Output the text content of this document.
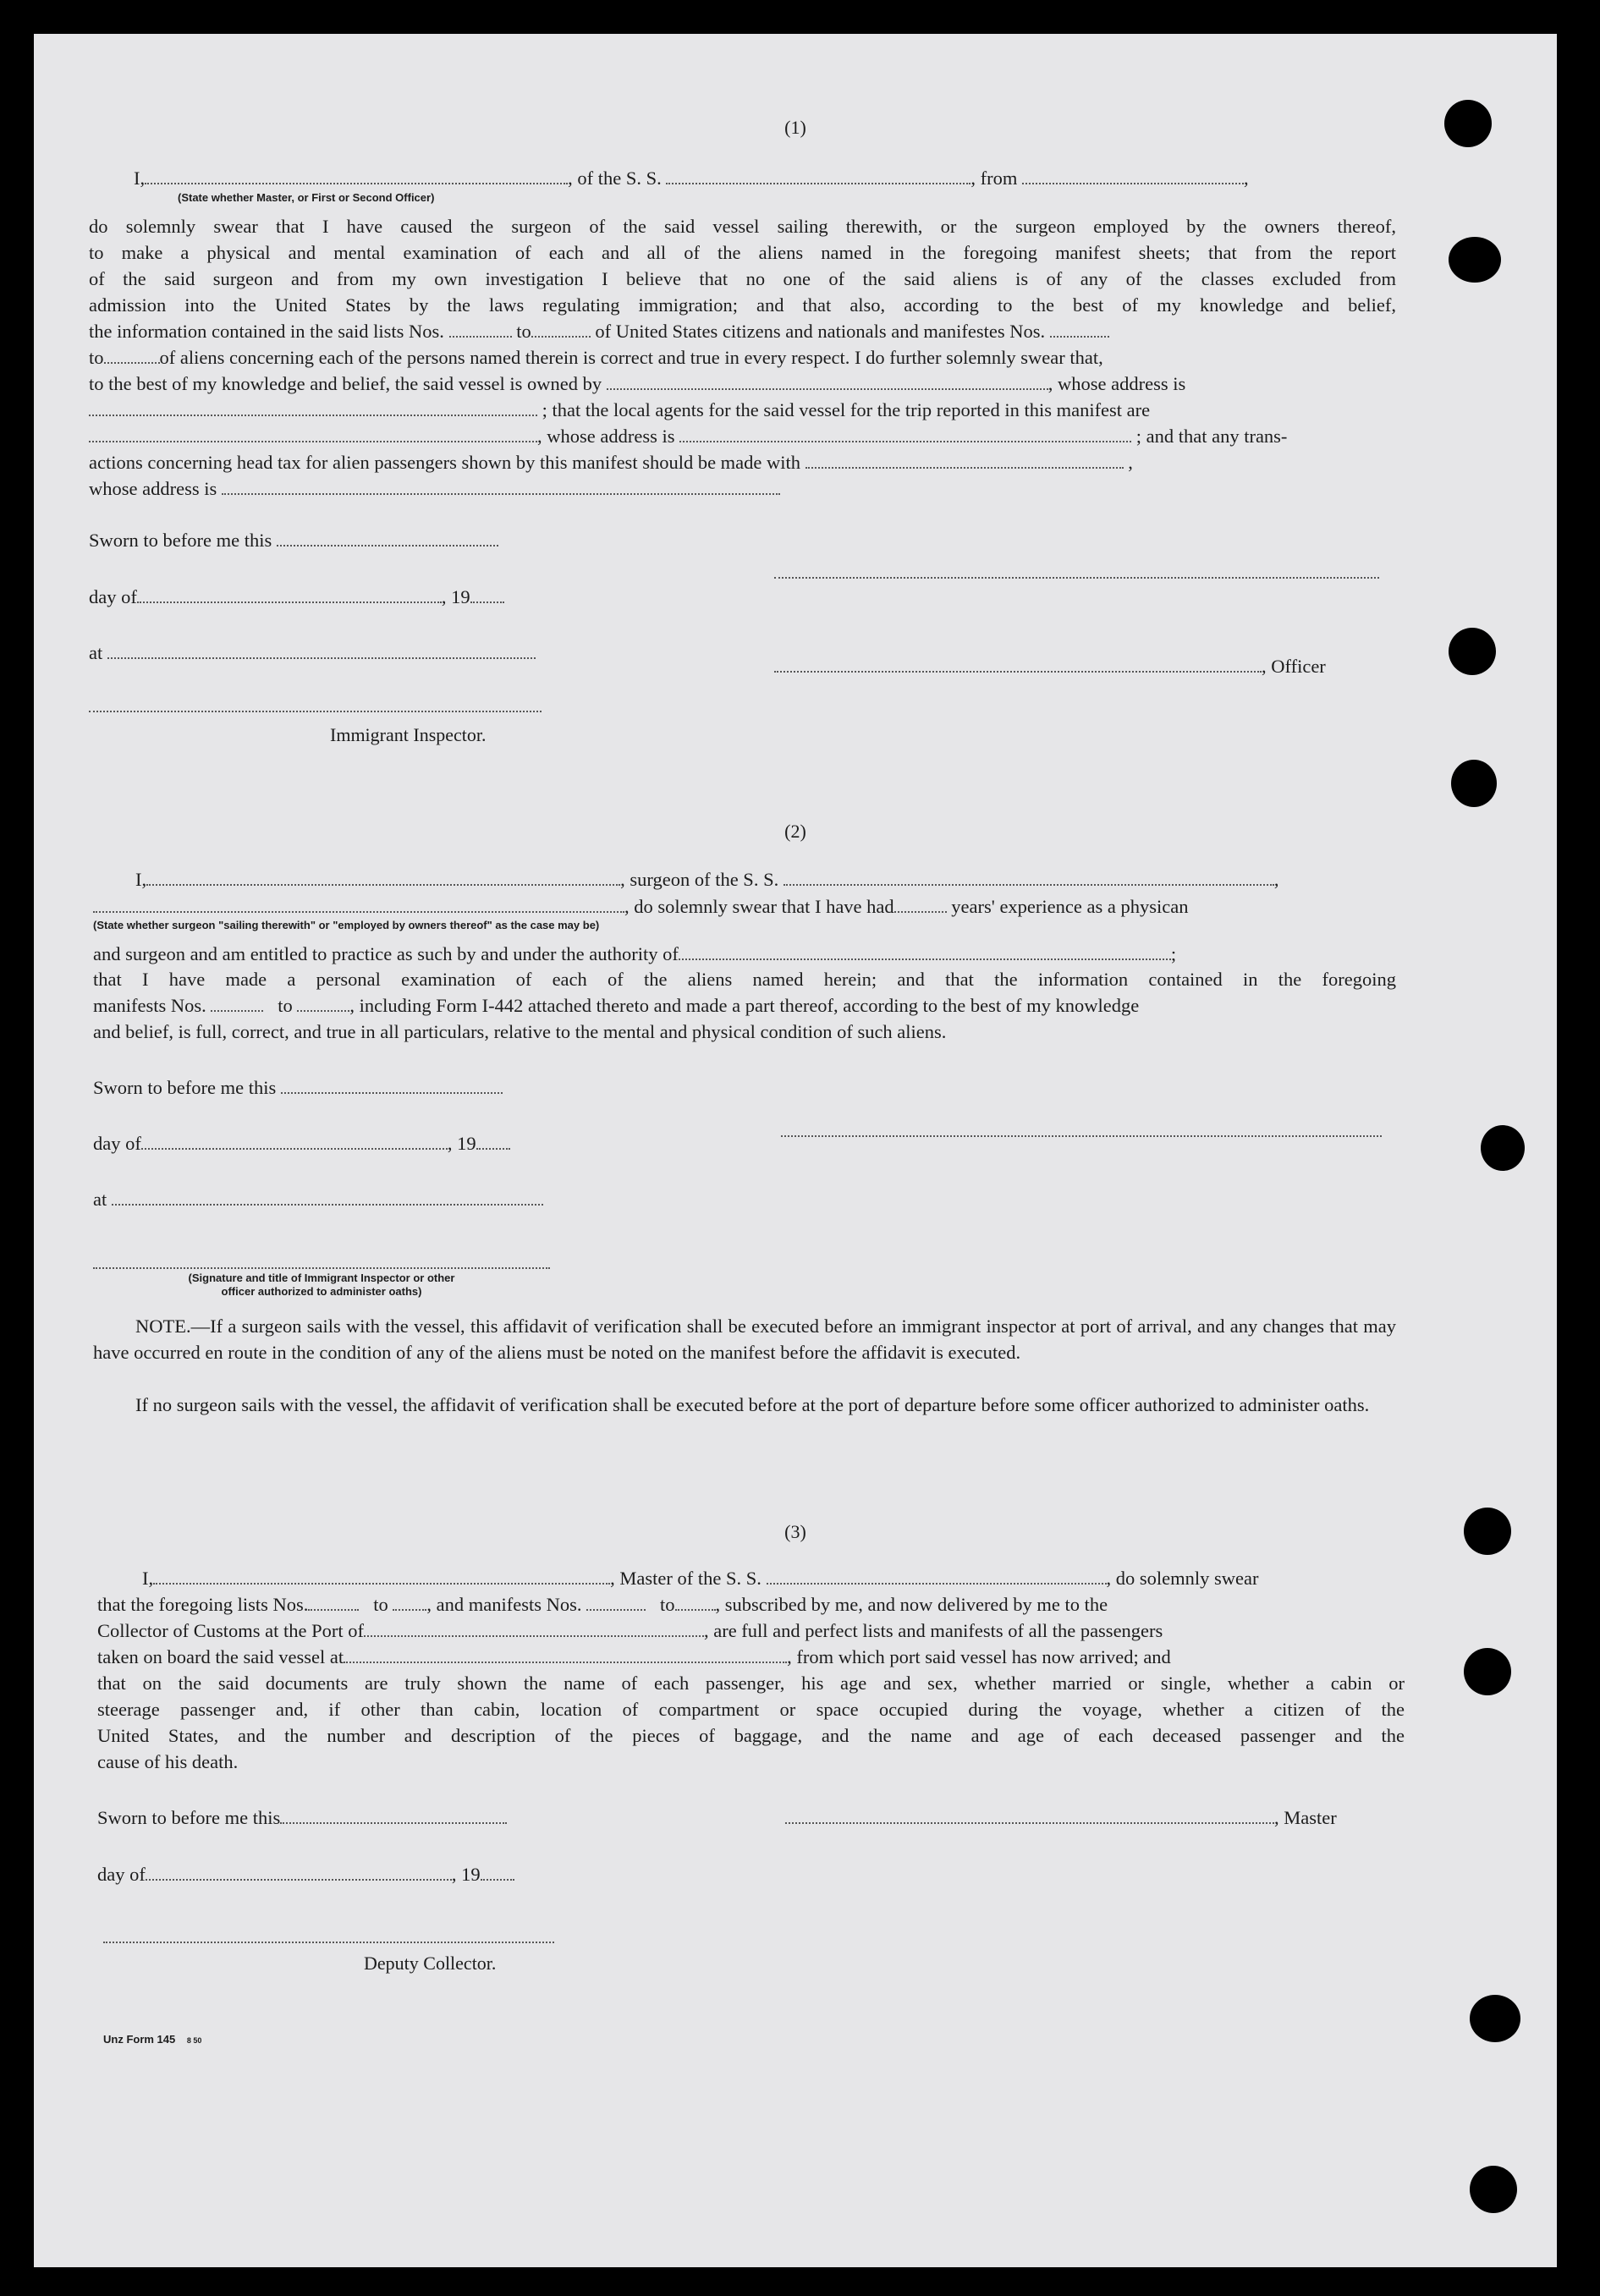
(1)
I,	, of the S. S.	, from	,
(State whether Master, or First or Second Officer)
do solemnly swear that I have caused the surgeon of the said vessel sailing therewith, or the surgeon employed by the owners thereof,
to make a physical and mental examination of each and all of the aliens named in the foregoing manifest sheets; that from the report
of the said surgeon and from my own investigation I believe that no one of the said aliens is of any of the classes excluded from
admission into the United States by the laws regulating immigration; and that also, according to the best of my knowledge and belief,
the information contained in the said lists Nos.	to	of United States citizens and nationals and manifestes Nos.
to	of aliens concerning each of the persons named therein is correct and true in every respect. I do further solemnly swear that,
to the best of my knowledge and belief, the said vessel is owned by	, whose address is
; that the local agents for the said vessel for the trip reported in this manifest are
, whose address is	; and that any trans-
actions concerning head tax for alien passengers shown by this manifest should be made with	,
whose address is
Sworn to before me this
day of	, 19
at
, Officer
Immigrant Inspector.
(2)
I,	, surgeon of the S. S.	,
, do solemnly swear that I have had	years' experience as a physican
(State whether surgeon "sailing therewith" or "employed by owners thereof" as the case may be)
and surgeon and am entitled to practice as such by and under the authority of	;
that I have made a personal examination of each of the aliens named herein; and that the information contained in the foregoing
manifests Nos.	to	, including Form I-442 attached thereto and made a part thereof, according to the best of my knowledge
and belief, is full, correct, and true in all particulars, relative to the mental and physical condition of such aliens.
Sworn to before me this
day of	, 19
at
(Signature and title of Immigrant Inspector or other
officer authorized to administer oaths)
NOTE.—If a surgeon sails with the vessel, this affidavit of verification shall be executed before an immigrant inspector at port of arrival, and any changes that may have occurred en route in the condition of any of the aliens must be noted on the manifest before the affidavit is executed.
If no surgeon sails with the vessel, the affidavit of verification shall be executed before at the port of departure before some officer authorized to administer oaths.
(3)
I,	, Master of the S. S.	, do solemnly swear
that the foregoing lists Nos.	to , and manifests Nos.	to , subscribed by me, and now delivered by me to the
Collector of Customs at the Port of	, are full and perfect lists and manifests of all the passengers
taken on board the said vessel at	, from which port said vessel has now arrived; and
that on the said documents are truly shown the name of each passenger, his age and sex, whether married or single, whether a cabin or
steerage passenger and, if other than cabin, location of compartment or space occupied during the voyage, whether a citizen of the
United States, and the number and description of the pieces of baggage, and the name and age of each deceased passenger and the
cause of his death.
Sworn to before me this	, Master
day of	, 19
Deputy Collector.
Unz Form 145 8 50
